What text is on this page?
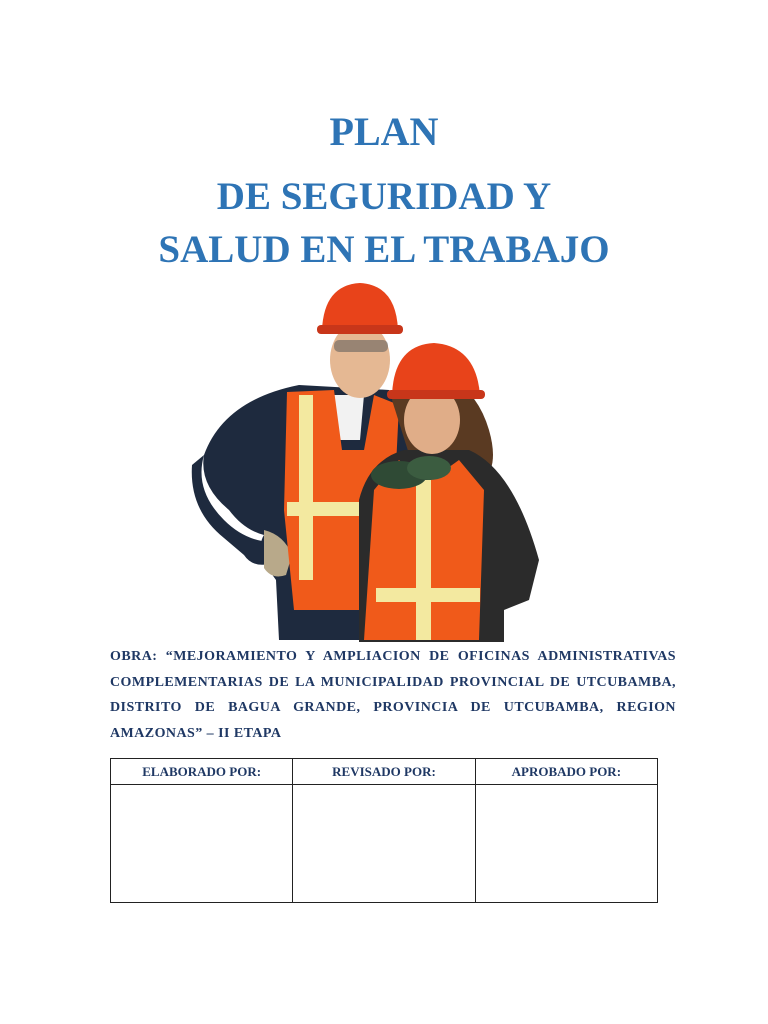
PLAN
DE SEGURIDAD Y
SALUD EN EL TRABAJO

OBRA: “MEJORAMIENTO Y AMPLIACION DE OFICINAS ADMINISTRATIVAS COMPLEMENTARIAS DE LA MUNICIPALIDAD PROVINCIAL DE UTCUBAMBA, DISTRITO DE BAGUA GRANDE, PROVINCIA DE UTCUBAMBA, REGION AMAZONAS” – II ETAPA

ELABORADO POR:	REVISADO POR:	APROBADO POR:
